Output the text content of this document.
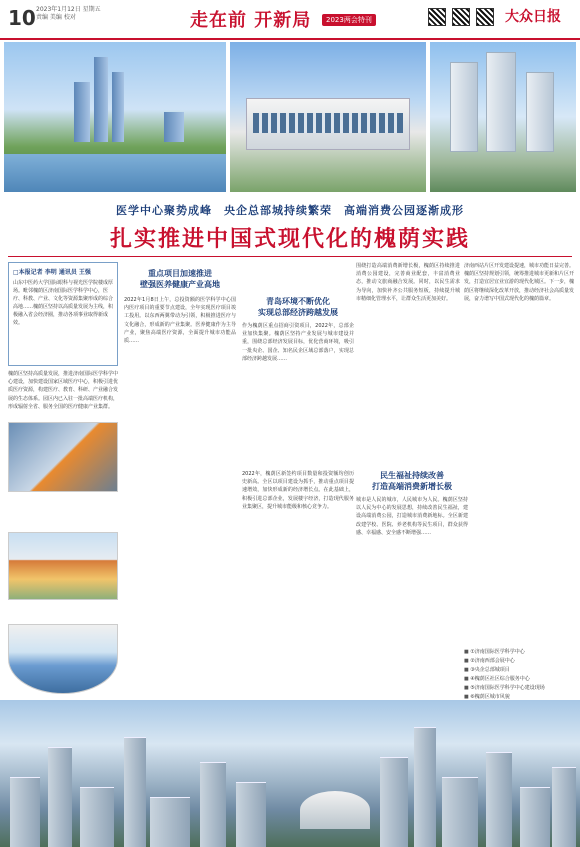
10 2023年1月12日 星期五
责编 美编 校对	走在前 开新局	2023两会特刊	大众日报
医学中心聚势成峰　央企总部城持续繁荣　高端消费公园逐渐成形
扎实推进中国式现代化的槐荫实践
□本报记者 李明 通讯员 王强
山东中医药大学国际眼科与视光医学院楼成厚场。毗邻槐荫区济南国际医学科学中心，医疗、科教、产业、文化等资源集聚形成的综合高地……槐荫区坚持以高质量发展为主线，积极融入省会经济圈，推动各项事业取得新成效。
重点项目加速推进
壁强医养健康产业高地
2022年1月8日上午，总投资额的医学科学中心国内医疗项目的重要节点建设，全年实现医疗项目竣工投用。以东西两翼带动为引领，积极推进医疗与文化融合，形成新的产业集聚。医养健康作为主导产业，聚焦高端医疗资源，全面提升城市功能品质……
青岛环境不断优化
实现总部经济跨越发展
作为槐荫区重点招商引资项目，2022年，总部企业加快集聚。槐荫区坚持产业发展与城市建设并重，围绕总部经济发展目标，优化营商环境，吸引一批央企、国企、知名民企区域总部落户，实现总部经济跨越发展……
民生福祉持续改善
打造高端消费新增长极
城市是人民的城市，人民城市为人民。槐荫区坚持以人民为中心的发展思想，持续改善民生福祉，建设高端消费公园，打造城市消费新地标。全区新建改建学校、医院、养老机构等民生项目，群众获得感、幸福感、安全感不断增强……
槐荫区坚持高质量发展，推进济南国际医学科学中心建设，加快建设国家区域医疗中心，积极引进优质医疗资源，构建医疗、教育、科研、产业融合发展的生态体系。园区内已入驻一批高端医疗机构，形成辐射全省、服务全国的医疗健康产业集群。
2022年，槐荫区新签约项目数量和投资额均创历史新高。全区以项目建设为抓手，推动重点项目提速增效，加快形成新的经济增长点。在此基础上，积极引进总部企业，发展楼宇经济，打造现代服务业集聚区，提升城市能级和核心竞争力。
围绕打造高端消费新增长极，槐荫区持续推进消费公园建设，完善商业配套，丰富消费业态，推动文旅商融合发展。同时，以民生需求为导向，加快补齐公共服务短板，持续提升城市精细化管理水平，让群众生活更加美好。
济南西站片区开发建设提速，城市功能日益完善。槐荫区坚持规划引领，统筹推进城市更新和片区开发，打造宜居宜业宜游的现代化城区。下一步，槐荫区将继续深化改革开放，推动经济社会高质量发展，奋力谱写中国式现代化的槐荫篇章。
■ ①济南国际医学科学中心
■ ②济南西部会展中心
■ ③央企总部城项目
■ ④槐荫区社区综合服务中心
■ ⑤济南国际医学科学中心建设现场
■ ⑥槐荫区城市风貌
